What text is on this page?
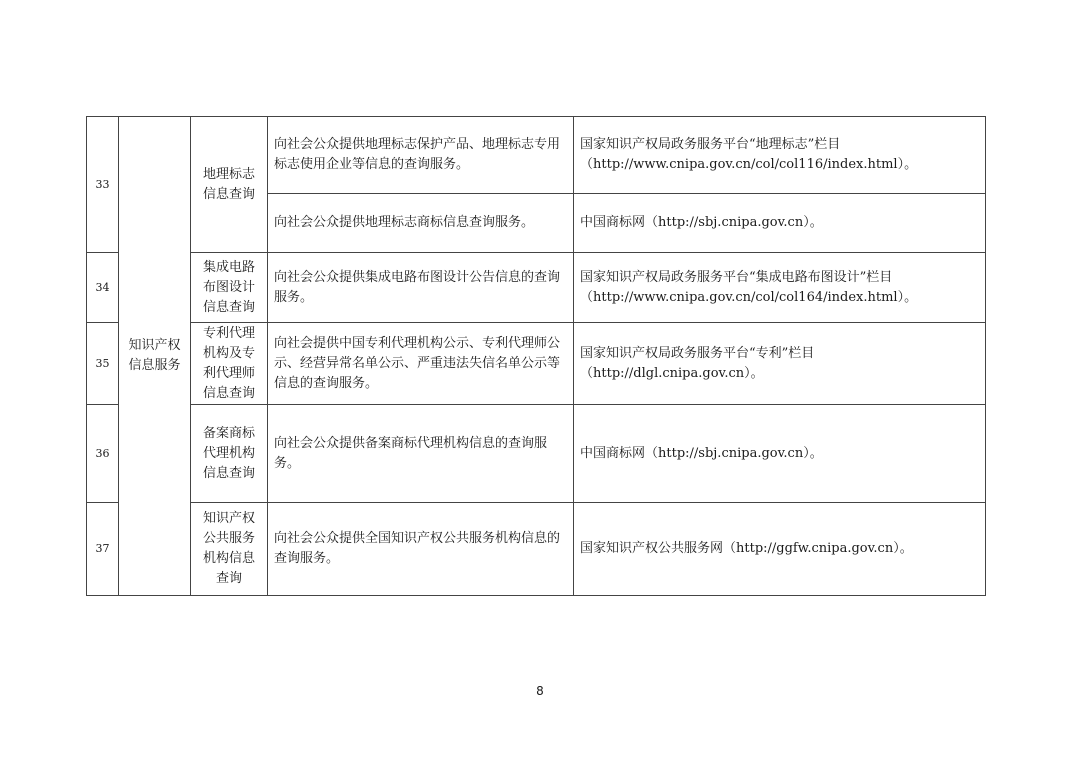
33	知识产权信息服务	地理标志信息查询	向社会公众提供地理标志保护产品、地理标志专用标志使用企业等信息的查询服务。	国家知识产权局政务服务平台“地理标志”栏目（http://www.cnipa.gov.cn/col/col116/index.html）。
			向社会公众提供地理标志商标信息查询服务。	中国商标网（http://sbj.cnipa.gov.cn）。
34		集成电路布图设计信息查询	向社会公众提供集成电路布图设计公告信息的查询服务。	国家知识产权局政务服务平台“集成电路布图设计”栏目（http://www.cnipa.gov.cn/col/col164/index.html）。
35		专利代理机构及专利代理师信息查询	向社会提供中国专利代理机构公示、专利代理师公示、经营异常名单公示、严重违法失信名单公示等信息的查询服务。	国家知识产权局政务服务平台“专利”栏目（http://dlgl.cnipa.gov.cn）。
36		备案商标代理机构信息查询	向社会公众提供备案商标代理机构信息的查询服务。	中国商标网（http://sbj.cnipa.gov.cn）。
37		知识产权公共服务机构信息查询	向社会公众提供全国知识产权公共服务机构信息的查询服务。	国家知识产权公共服务网（http://ggfw.cnipa.gov.cn）。
8
